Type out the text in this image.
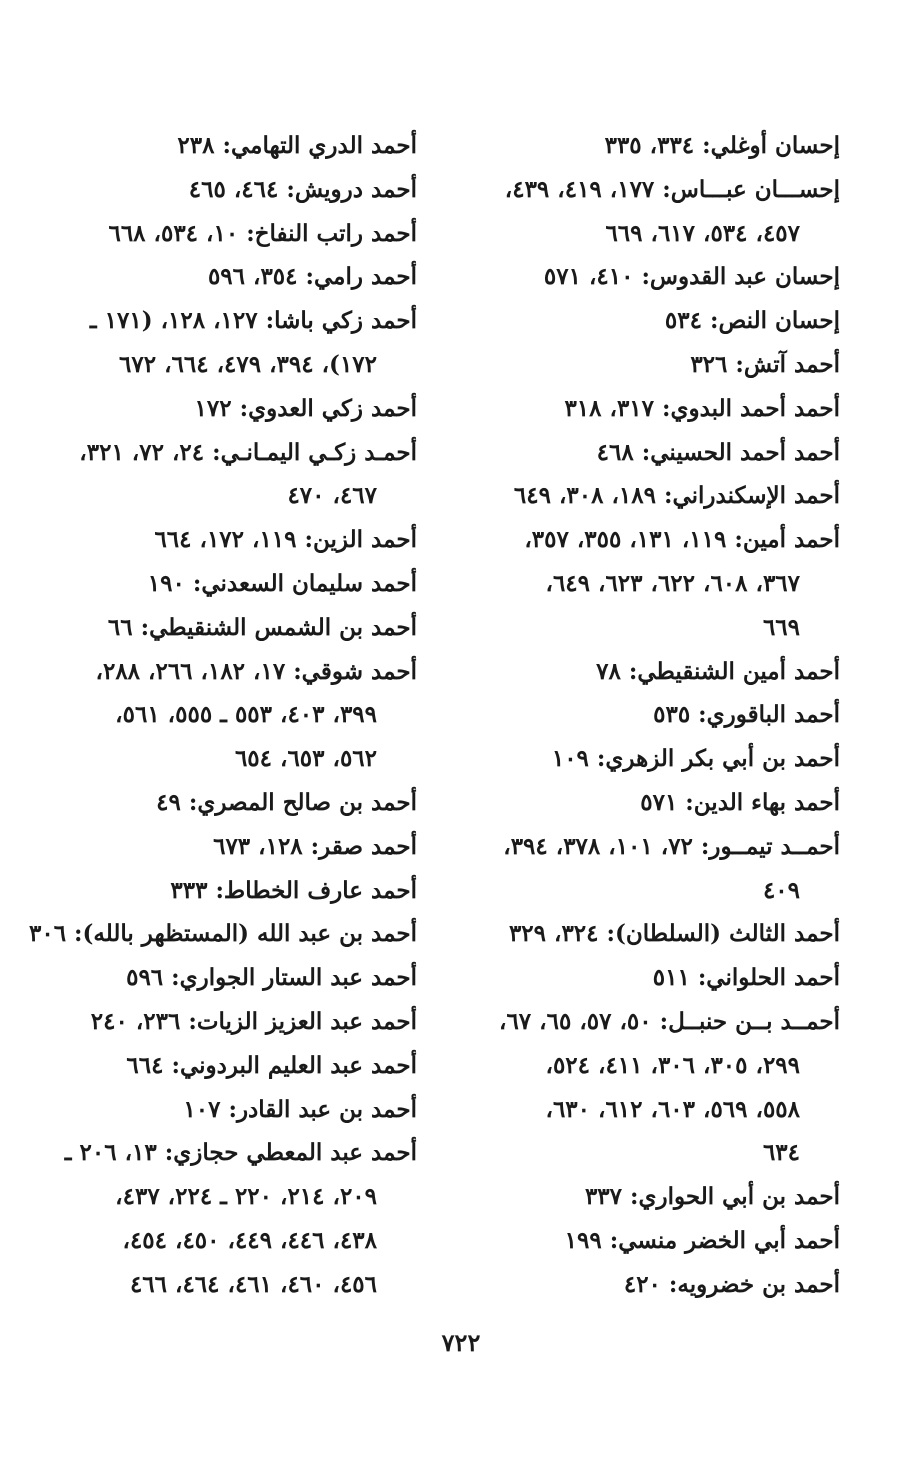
إحسان أوغلي: ٣٣٤، ٣٣٥
إحســـان عبـــاس: ١٧٧، ٤١٩، ٤٣٩،
٤٥٧، ٥٣٤، ٦١٧، ٦٦٩
إحسان عبد القدوس: ٤١٠، ٥٧١
إحسان النص: ٥٣٤
أحمد آتش: ٣٢٦
أحمد أحمد البدوي: ٣١٧، ٣١٨
أحمد أحمد الحسيني: ٤٦٨
أحمد الإسكندراني: ١٨٩، ٣٠٨، ٦٤٩
أحمد أمين: ١١٩، ١٣١، ٣٥٥، ٣٥٧،
٣٦٧، ٦٠٨، ٦٢٢، ٦٢٣، ٦٤٩،
٦٦٩
أحمد أمين الشنقيطي: ٧٨
أحمد الباقوري: ٥٣٥
أحمد بن أبي بكر الزهري: ١٠٩
أحمد بهاء الدين: ٥٧١
أحمــد تيمــور: ٧٢، ١٠١، ٣٧٨، ٣٩٤،
٤٠٩
أحمد الثالث (السلطان): ٣٢٤، ٣٢٩
أحمد الحلواني: ٥١١
أحمــد بــن حنبــل: ٥٠، ٥٧، ٦٥، ٦٧،
٢٩٩، ٣٠٥، ٣٠٦، ٤١١، ٥٢٤،
٥٥٨، ٥٦٩، ٦٠٣، ٦١٢، ٦٣٠،
٦٣٤
أحمد بن أبي الحواري: ٣٣٧
أحمد أبي الخضر منسي: ١٩٩
أحمد بن خضرويه: ٤٢٠
أحمد الدري التهامي: ٢٣٨
أحمد درويش: ٤٦٤، ٤٦٥
أحمد راتب النفاخ: ١٠، ٥٣٤، ٦٦٨
أحمد رامي: ٣٥٤، ٥٩٦
أحمد زكي باشا: ١٢٧، ١٢٨، (١٧١ ـ
١٧٢)، ٣٩٤، ٤٧٩، ٦٦٤، ٦٧٢
أحمد زكي العدوي: ١٧٢
أحمـد زكـي اليمـانـي: ٢٤، ٧٢، ٣٢١،
٤٦٧، ٤٧٠
أحمد الزين: ١١٩، ١٧٢، ٦٦٤
أحمد سليمان السعدني: ١٩٠
أحمد بن الشمس الشنقيطي: ٦٦
أحمد شوقي: ١٧، ١٨٢، ٢٦٦، ٢٨٨،
٣٩٩، ٤٠٣، ٥٥٣ ـ ٥٥٥، ٥٦١،
٥٦٢، ٦٥٣، ٦٥٤
أحمد بن صالح المصري: ٤٩
أحمد صقر: ١٢٨، ٦٧٣
أحمد عارف الخطاط: ٣٣٣
أحمد بن عبد الله (المستظهر بالله): ٣٠٦
أحمد عبد الستار الجواري: ٥٩٦
أحمد عبد العزيز الزيات: ٢٣٦، ٢٤٠
أحمد عبد العليم البردوني: ٦٦٤
أحمد بن عبد القادر: ١٠٧
أحمد عبد المعطي حجازي: ١٣، ٢٠٦ ـ
٢٠٩، ٢١٤، ٢٢٠ ـ ٢٢٤، ٤٣٧،
٤٣٨، ٤٤٦، ٤٤٩، ٤٥٠، ٤٥٤،
٤٥٦، ٤٦٠، ٤٦١، ٤٦٤، ٤٦٦
٧٢٢
